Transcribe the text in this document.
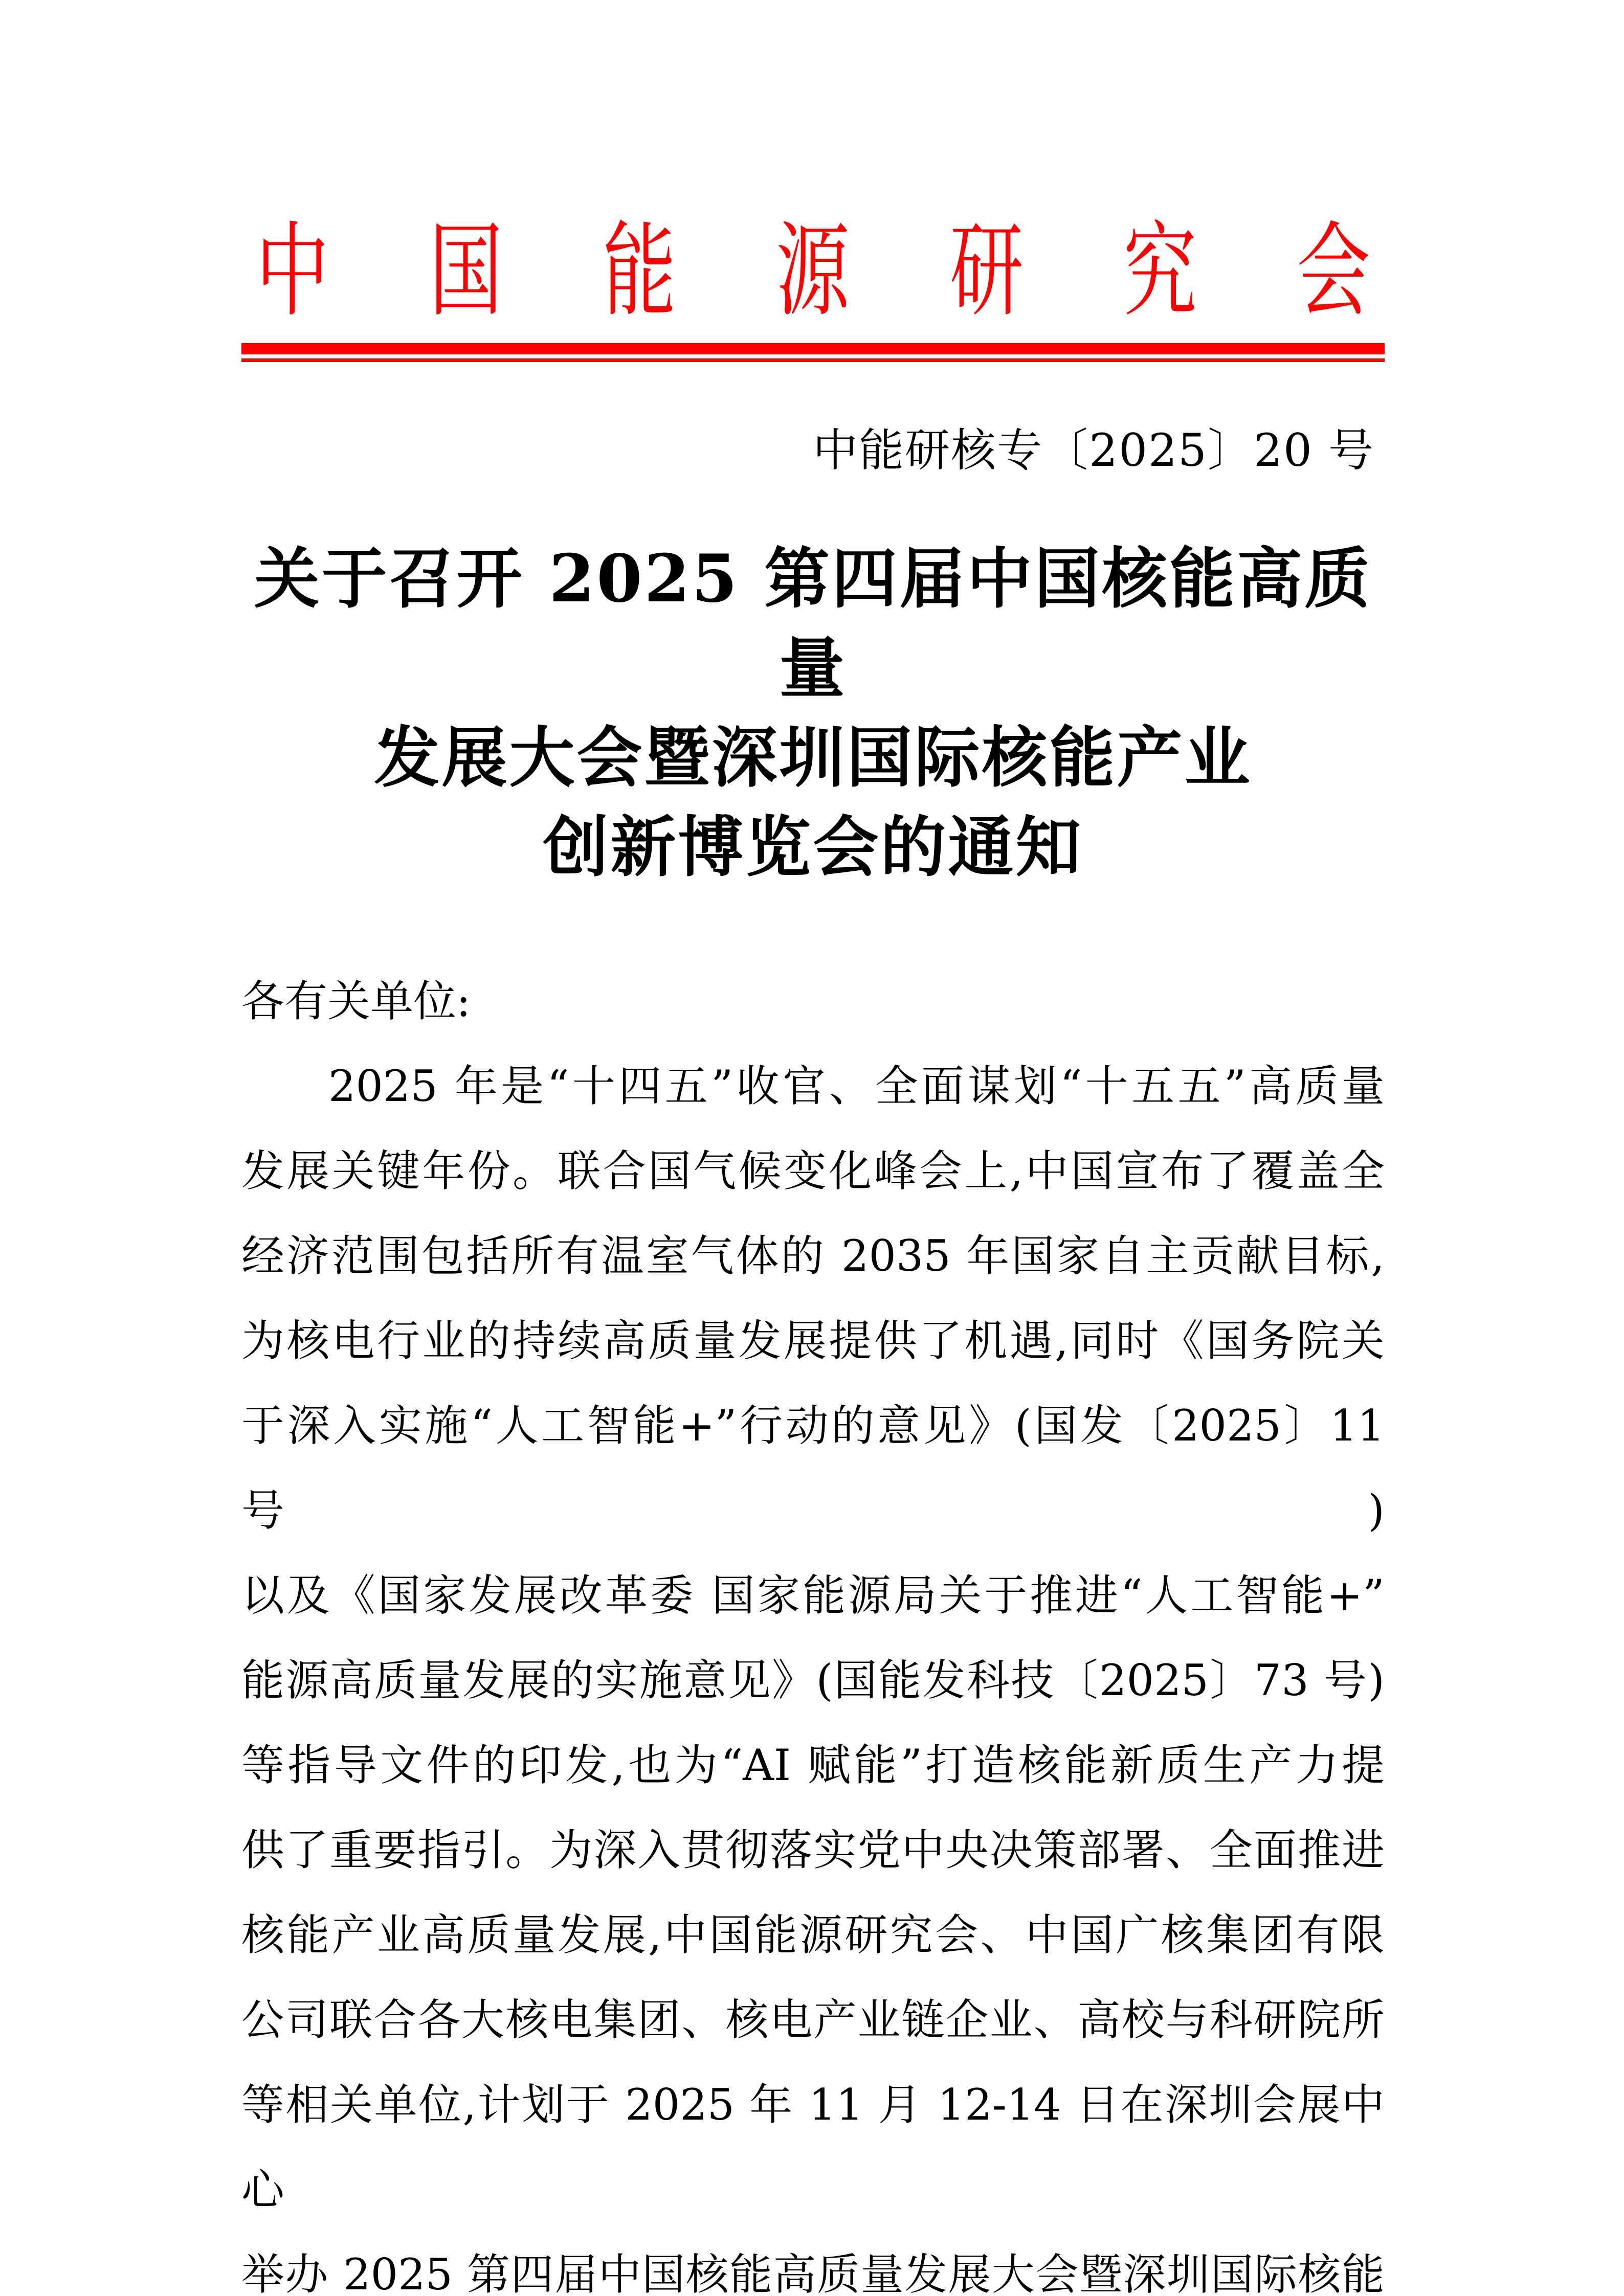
中 国 能 源 研 究 会
中能研核专〔2025〕20 号
关于召开 2025 第四届中国核能高质量
发展大会暨深圳国际核能产业
创新博览会的通知
各有关单位:
2025 年是“十四五”收官、全面谋划“十五五”高质量
发展关键年份。联合国气候变化峰会上,中国宣布了覆盖全
经济范围包括所有温室气体的 2035 年国家自主贡献目标,
为核电行业的持续高质量发展提供了机遇,同时《国务院关
于深入实施“人工智能+”行动的意见》(国发〔2025〕11 号)
以及《国家发展改革委 国家能源局关于推进“人工智能+”
能源高质量发展的实施意见》(国能发科技〔2025〕73 号)
等指导文件的印发,也为“AI 赋能”打造核能新质生产力提
供了重要指引。为深入贯彻落实党中央决策部署、全面推进
核能产业高质量发展,中国能源研究会、中国广核集团有限
公司联合各大核电集团、核电产业链企业、高校与科研院所
等相关单位,计划于 2025 年 11 月 12-14 日在深圳会展中心
举办 2025 第四届中国核能高质量发展大会暨深圳国际核能
